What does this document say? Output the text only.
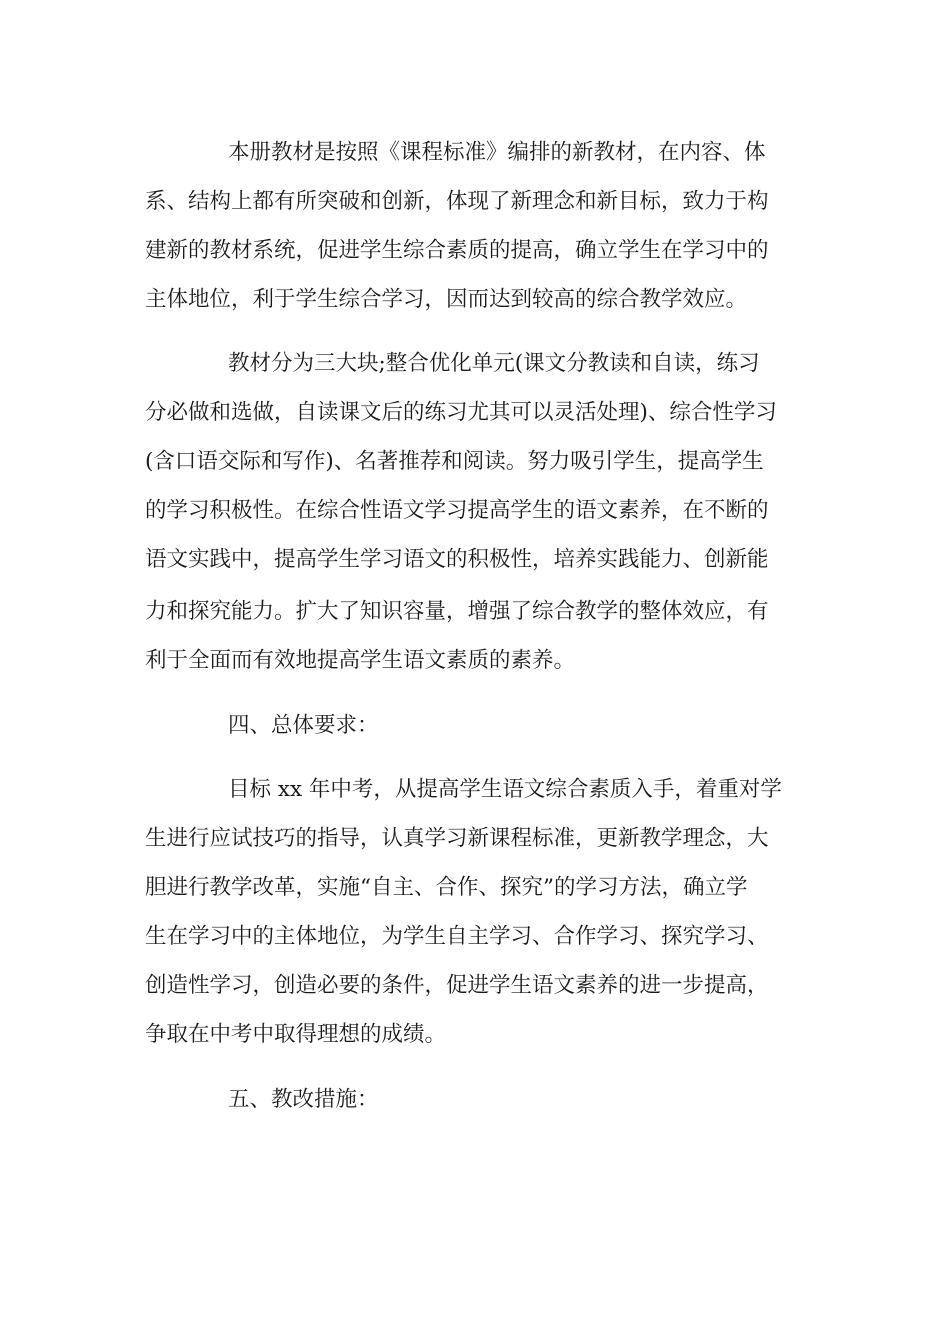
本册教材是按照《课程标准》编排的新教材，在内容、体
系、结构上都有所突破和创新，体现了新理念和新目标，致力于构
建新的教材系统，促进学生综合素质的提高，确立学生在学习中的
主体地位，利于学生综合学习，因而达到较高的综合教学效应。
教材分为三大块;整合优化单元(课文分教读和自读，练习
分必做和选做，自读课文后的练习尤其可以灵活处理)、综合性学习
(含口语交际和写作)、名著推荐和阅读。努力吸引学生，提高学生
的学习积极性。在综合性语文学习提高学生的语文素养，在不断的
语文实践中，提高学生学习语文的积极性，培养实践能力、创新能
力和探究能力。扩大了知识容量，增强了综合教学的整体效应，有
利于全面而有效地提高学生语文素质的素养。
四、总体要求：
目标 xx 年中考，从提高学生语文综合素质入手，着重对学
生进行应试技巧的指导，认真学习新课程标准，更新教学理念，大
胆进行教学改革，实施“自主、合作、探究”的学习方法，确立学
生在学习中的主体地位，为学生自主学习、合作学习、探究学习、
创造性学习，创造必要的条件，促进学生语文素养的进一步提高，
争取在中考中取得理想的成绩。
五、教改措施：
